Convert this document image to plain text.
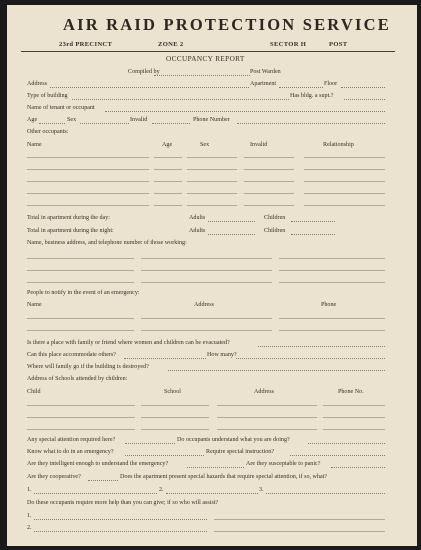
AIR RAID PROTECTION SERVICE
23rd PRECINCT	ZONE 2	SECTOR H	POST
OCCUPANCY REPORT
Compiled by	Post Warden
Address	Apartment	Floor
Type of building	Has bldg. a supt.?
Name of tenant or occupant
Age	Sex	Invalid	Phone Number
Other occupants:
Name	Age	Sex	Invalid	Relationship
Total in apartment during the day:	Adults	Children
Total in apartment during the night:	Adults	Children
Name, business address, and telephone number of those working:
People to notify in the event of an emergency:
Name	Address	Phone
Is there a place with family or friend where women and children can be evacuated?
Can this place accommodate others?	How many?
Where will family go if the building is destroyed?
Address of Schools attended by children:
Child	School	Address	Phone No.
Any special attention required here?	Do occupants understand what you are doing?
Know what to do in an emergency?	Require special instruction?
Are they intelligent enough to understand the emergency?	Are they susceptable to panic?
Are they cooperative?	Does the apartment present special hazards that require special attention, if so, what?
1.	2.	3.
Do these occupants require more help than you can give; if so who will assist?
1.
2.
